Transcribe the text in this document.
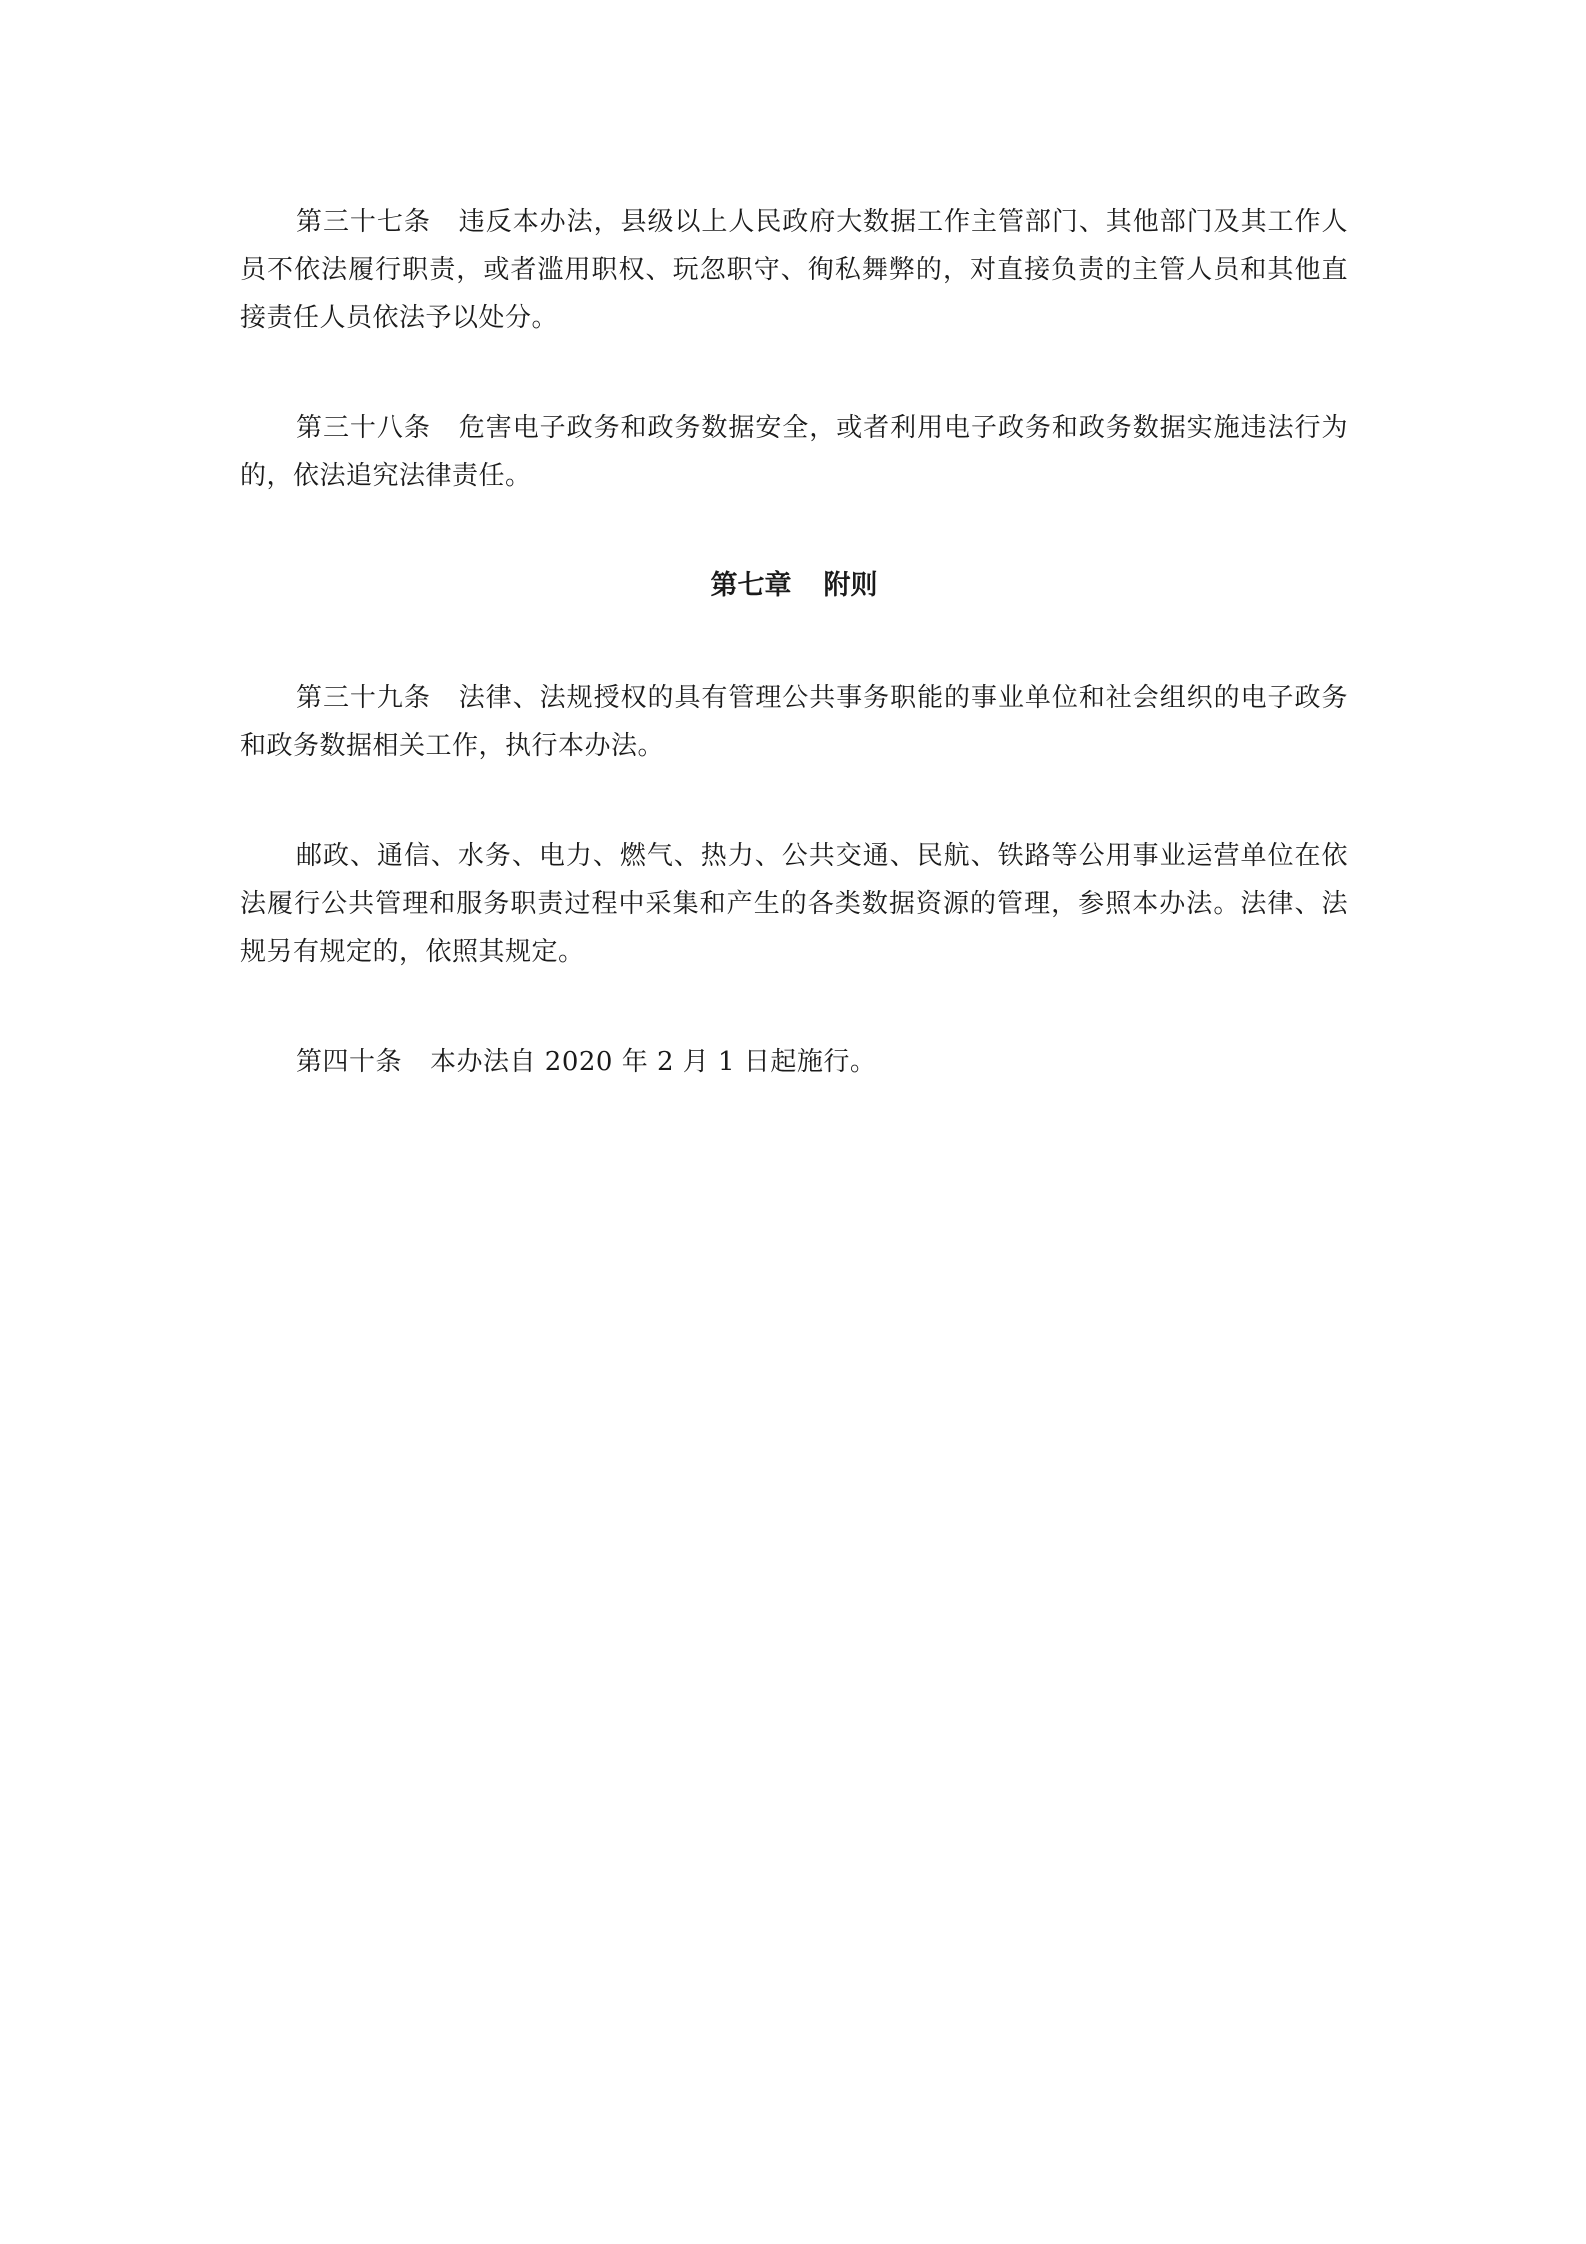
第三十七条 违反本办法，县级以上人民政府大数据工作主管部门、其他部门及其工作人员不依法履行职责，或者滥用职权、玩忽职守、徇私舞弊的，对直接负责的主管人员和其他直接责任人员依法予以处分。

第三十八条 危害电子政务和政务数据安全，或者利用电子政务和政务数据实施违法行为的，依法追究法律责任。

第七章 附则

第三十九条 法律、法规授权的具有管理公共事务职能的事业单位和社会组织的电子政务和政务数据相关工作，执行本办法。

邮政、通信、水务、电力、燃气、热力、公共交通、民航、铁路等公用事业运营单位在依法履行公共管理和服务职责过程中采集和产生的各类数据资源的管理，参照本办法。法律、法规另有规定的，依照其规定。

第四十条 本办法自 2020 年 2 月 1 日起施行。
